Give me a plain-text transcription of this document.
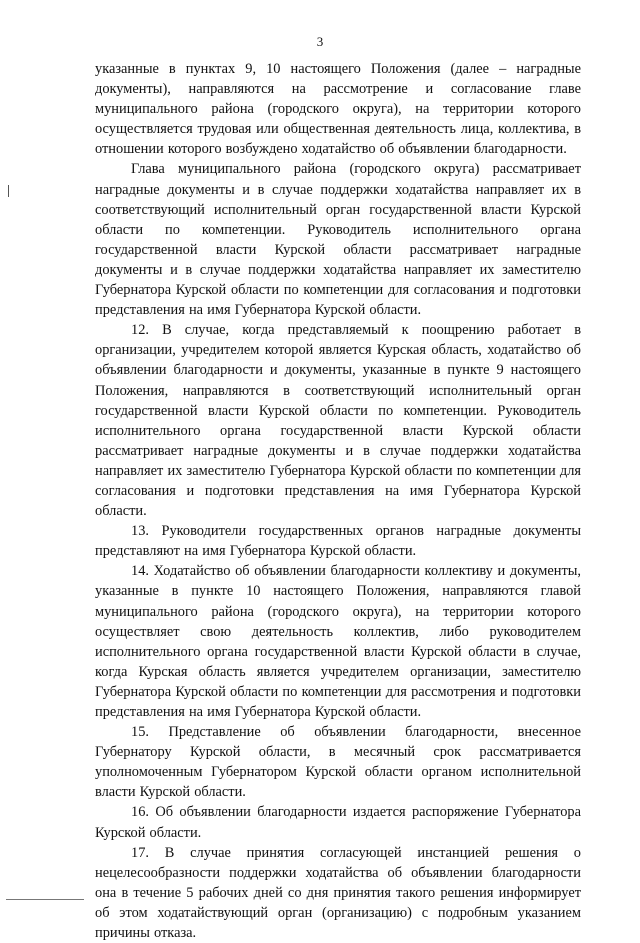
3

указанные в пунктах 9, 10 настоящего Положения (далее – наградные документы), направляются на рассмотрение и согласование главе муниципального района (городского округа), на территории которого осуществляется трудовая или общественная деятельность лица, коллектива, в отношении которого возбуждено ходатайство об объявлении благодарности.

Глава муниципального района (городского округа) рассматривает наградные документы и в случае поддержки ходатайства направляет их в соответствующий исполнительный орган государственной власти Курской области по компетенции. Руководитель исполнительного органа государственной власти Курской области рассматривает наградные документы и в случае поддержки ходатайства направляет их заместителю Губернатора Курской области по компетенции для согласования и подготовки представления на имя Губернатора Курской области.

12. В случае, когда представляемый к поощрению работает в организации, учредителем которой является Курская область, ходатайство об объявлении благодарности и документы, указанные в пункте 9 настоящего Положения, направляются в соответствующий исполнительный орган государственной власти Курской области по компетенции. Руководитель исполнительного органа государственной власти Курской области рассматривает наградные документы и в случае поддержки ходатайства направляет их заместителю Губернатора Курской области по компетенции для согласования и подготовки представления на имя Губернатора Курской области.

13. Руководители государственных органов наградные документы представляют на имя Губернатора Курской области.

14. Ходатайство об объявлении благодарности коллективу и документы, указанные в пункте 10 настоящего Положения, направляются главой муниципального района (городского округа), на территории которого осуществляет свою деятельность коллектив, либо руководителем исполнительного органа государственной власти Курской области в случае, когда Курская область является учредителем организации, заместителю Губернатора Курской области по компетенции для рассмотрения и подготовки представления на имя Губернатора Курской области.

15. Представление об объявлении благодарности, внесенное Губернатору Курской области, в месячный срок рассматривается уполномоченным Губернатором Курской области органом исполнительной власти Курской области.

16. Об объявлении благодарности издается распоряжение Губернатора Курской области.

17. В случае принятия согласующей инстанцией решения о нецелесообразности поддержки ходатайства об объявлении благодарности она в течение 5 рабочих дней со дня принятия такого решения информирует об этом ходатайствующий орган (организацию) с подробным указанием причины отказа.
